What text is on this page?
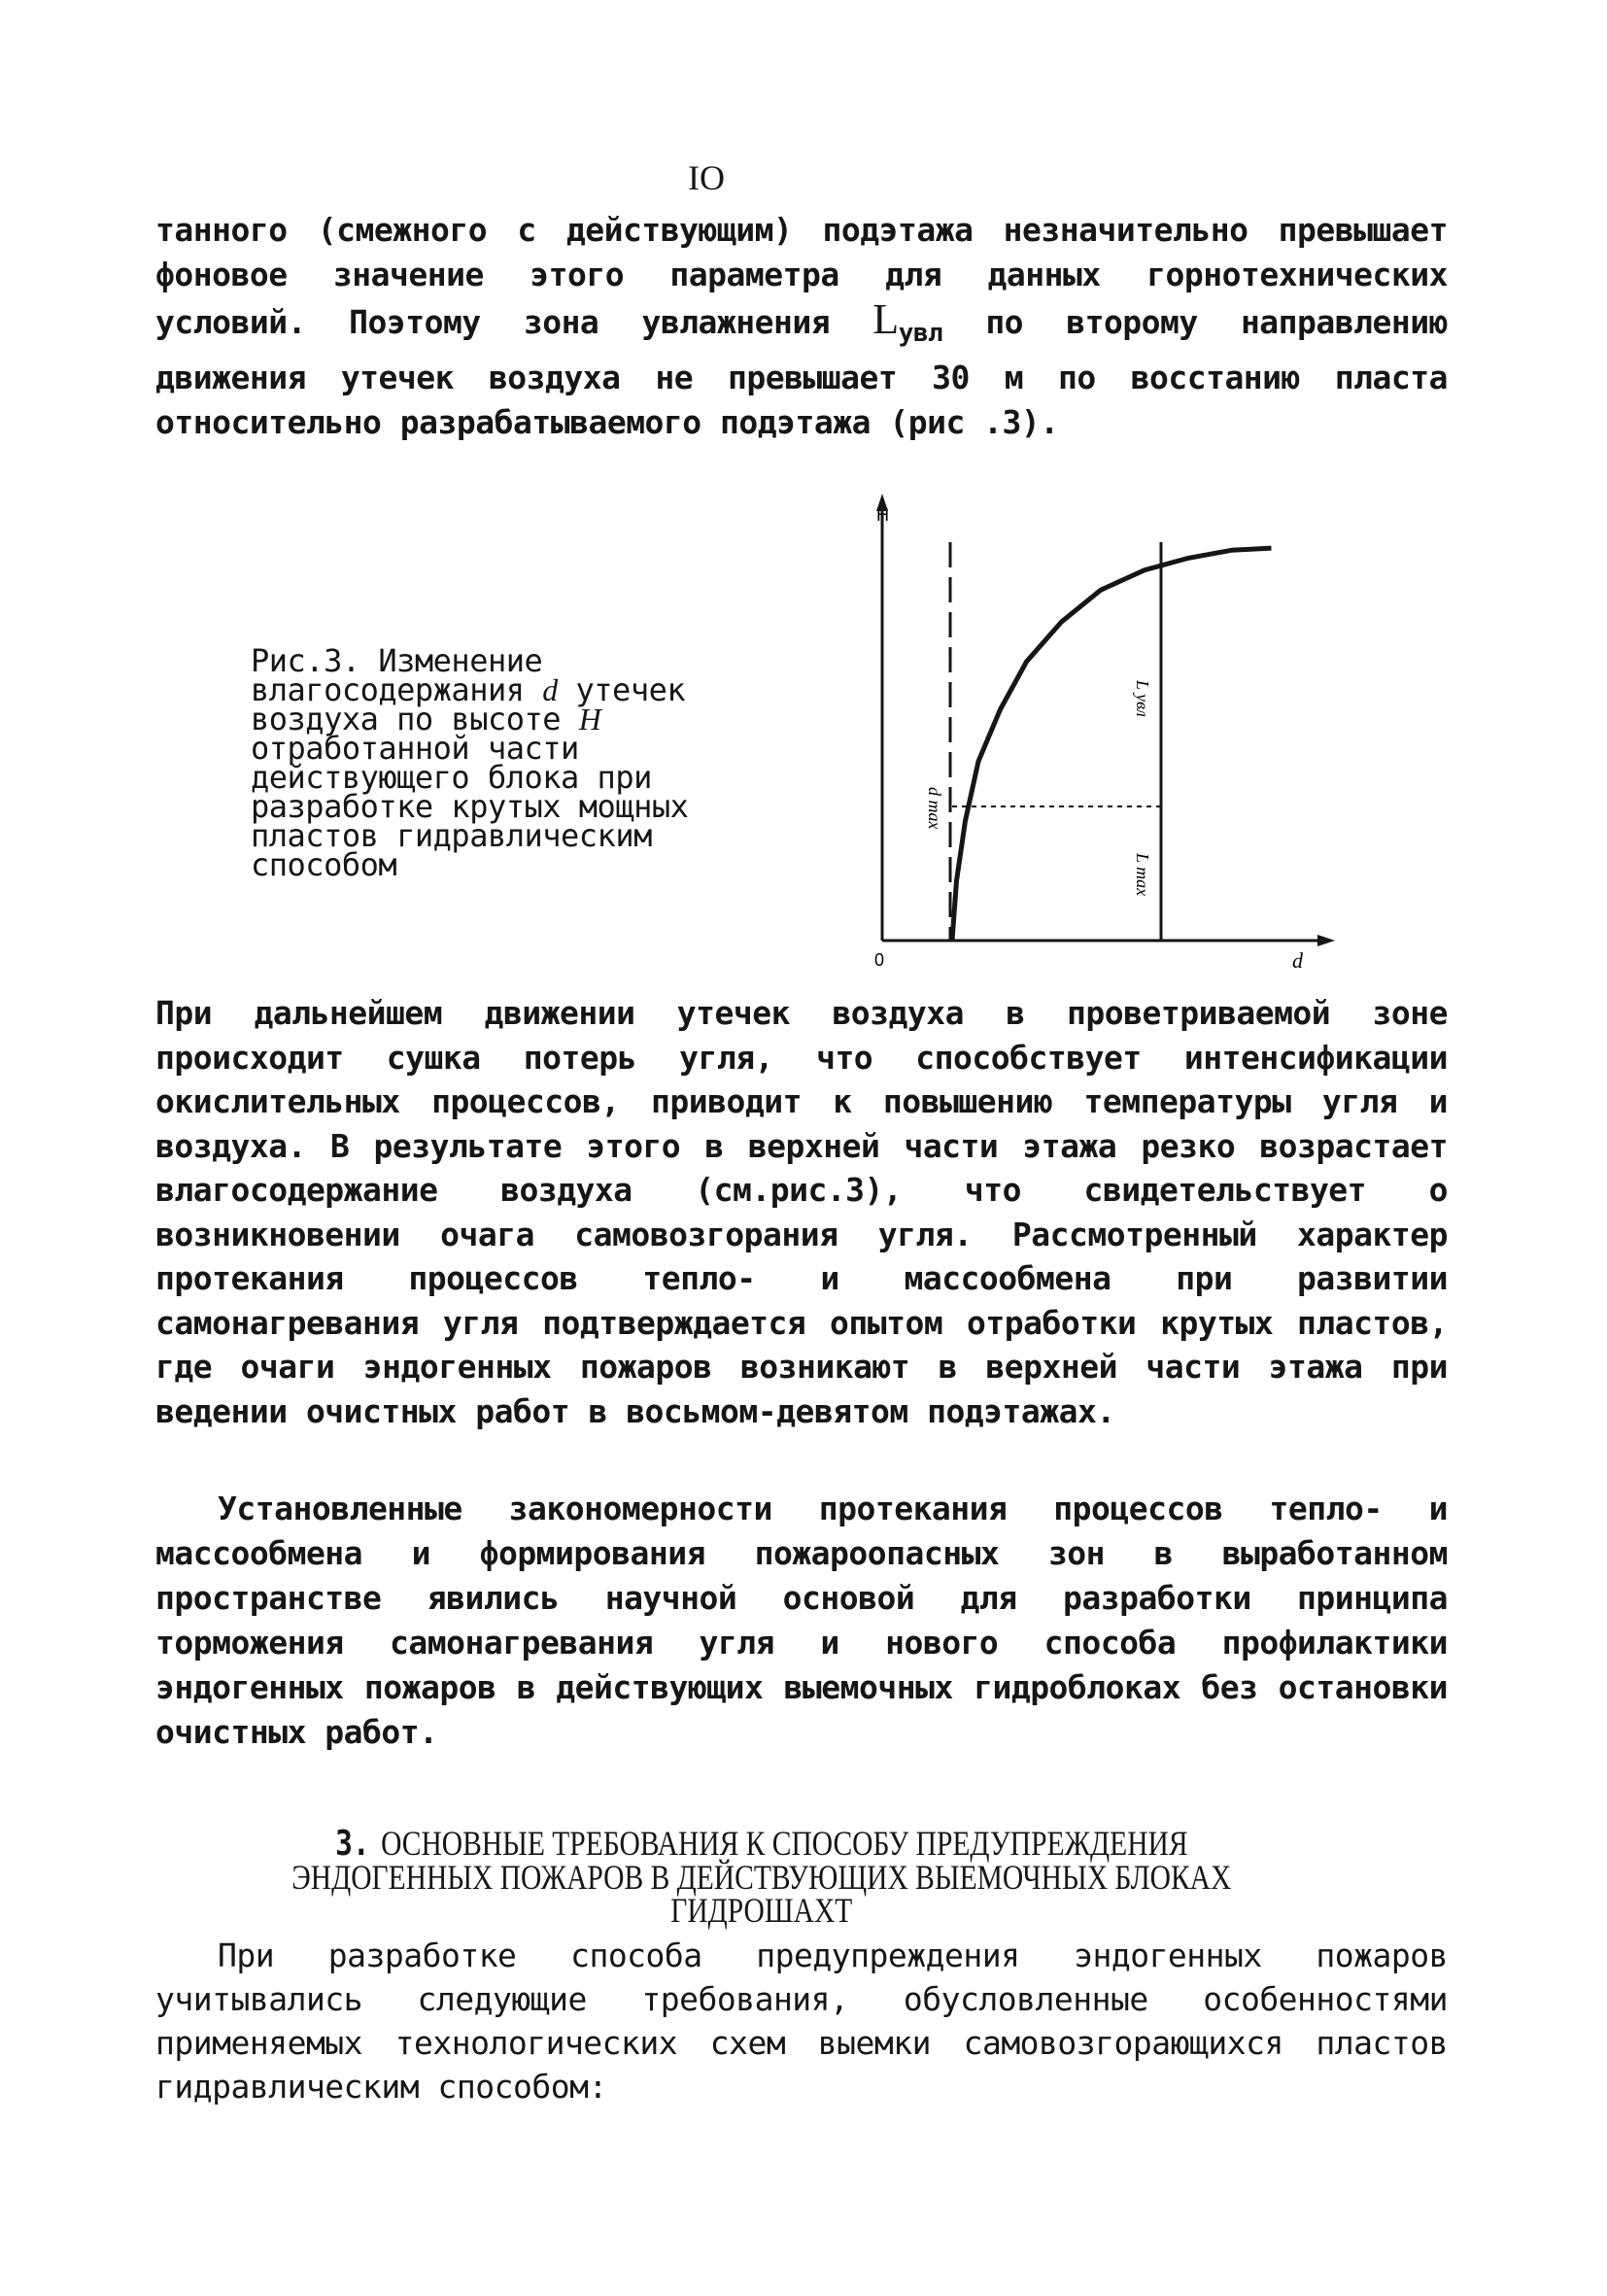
IO
танного (смежного с действующим) подэтажа незначительно превышает фоновое значение этого параметра для данных горнотехнических условий. Поэтому зона увлажнения $L_{увл}$ по второму направлению движения утечек воздуха не превышает 30 м по восстанию пласта относительно разрабатываемого подэтажа (рис .3).
Рис.3. Изменение влагосодержания d утечек воздуха по высоте H отработанной части действующего блока при разработке крутых мощных пластов гидравлическим способом
H
d
0
d max
L увл
L max
При дальнейшем движении утечек воздуха в проветриваемой зоне происходит сушка потерь угля, что способствует интенсификации окислительных процессов, приводит к повышению температуры угля и воздуха. В результате этого в верхней части этажа резко возрастает влагосодержание воздуха (см.рис.3), что свидетельствует о возникновении очага самовозгорания угля. Рассмотренный характер протекания процессов тепло- и массообмена при развитии самонагревания угля подтверждается опытом отработки крутых пластов, где очаги эндогенных пожаров возникают в верхней части этажа при ведении очистных работ в восьмом-девятом подэтажах.
Установленные закономерности протекания процессов тепло- и массообмена и формирования пожароопасных зон в выработанном пространстве явились научной основой для разработки принципа торможения самонагревания угля и нового способа профилактики эндогенных пожаров в действующих выемочных гидроблоках без остановки очистных работ.
3. ОСНОВНЫЕ ТРЕБОВАНИЯ К СПОСОБУ ПРЕДУПРЕЖДЕНИЯ ЭНДОГЕННЫХ ПОЖАРОВ В ДЕЙСТВУЮЩИХ ВЫЕМОЧНЫХ БЛОКАХ ГИДРОШАХТ
При разработке способа предупреждения эндогенных пожаров учитывались следующие требования, обусловленные особенностями применяемых технологических схем выемки самовозгорающихся пластов гидравлическим способом:
